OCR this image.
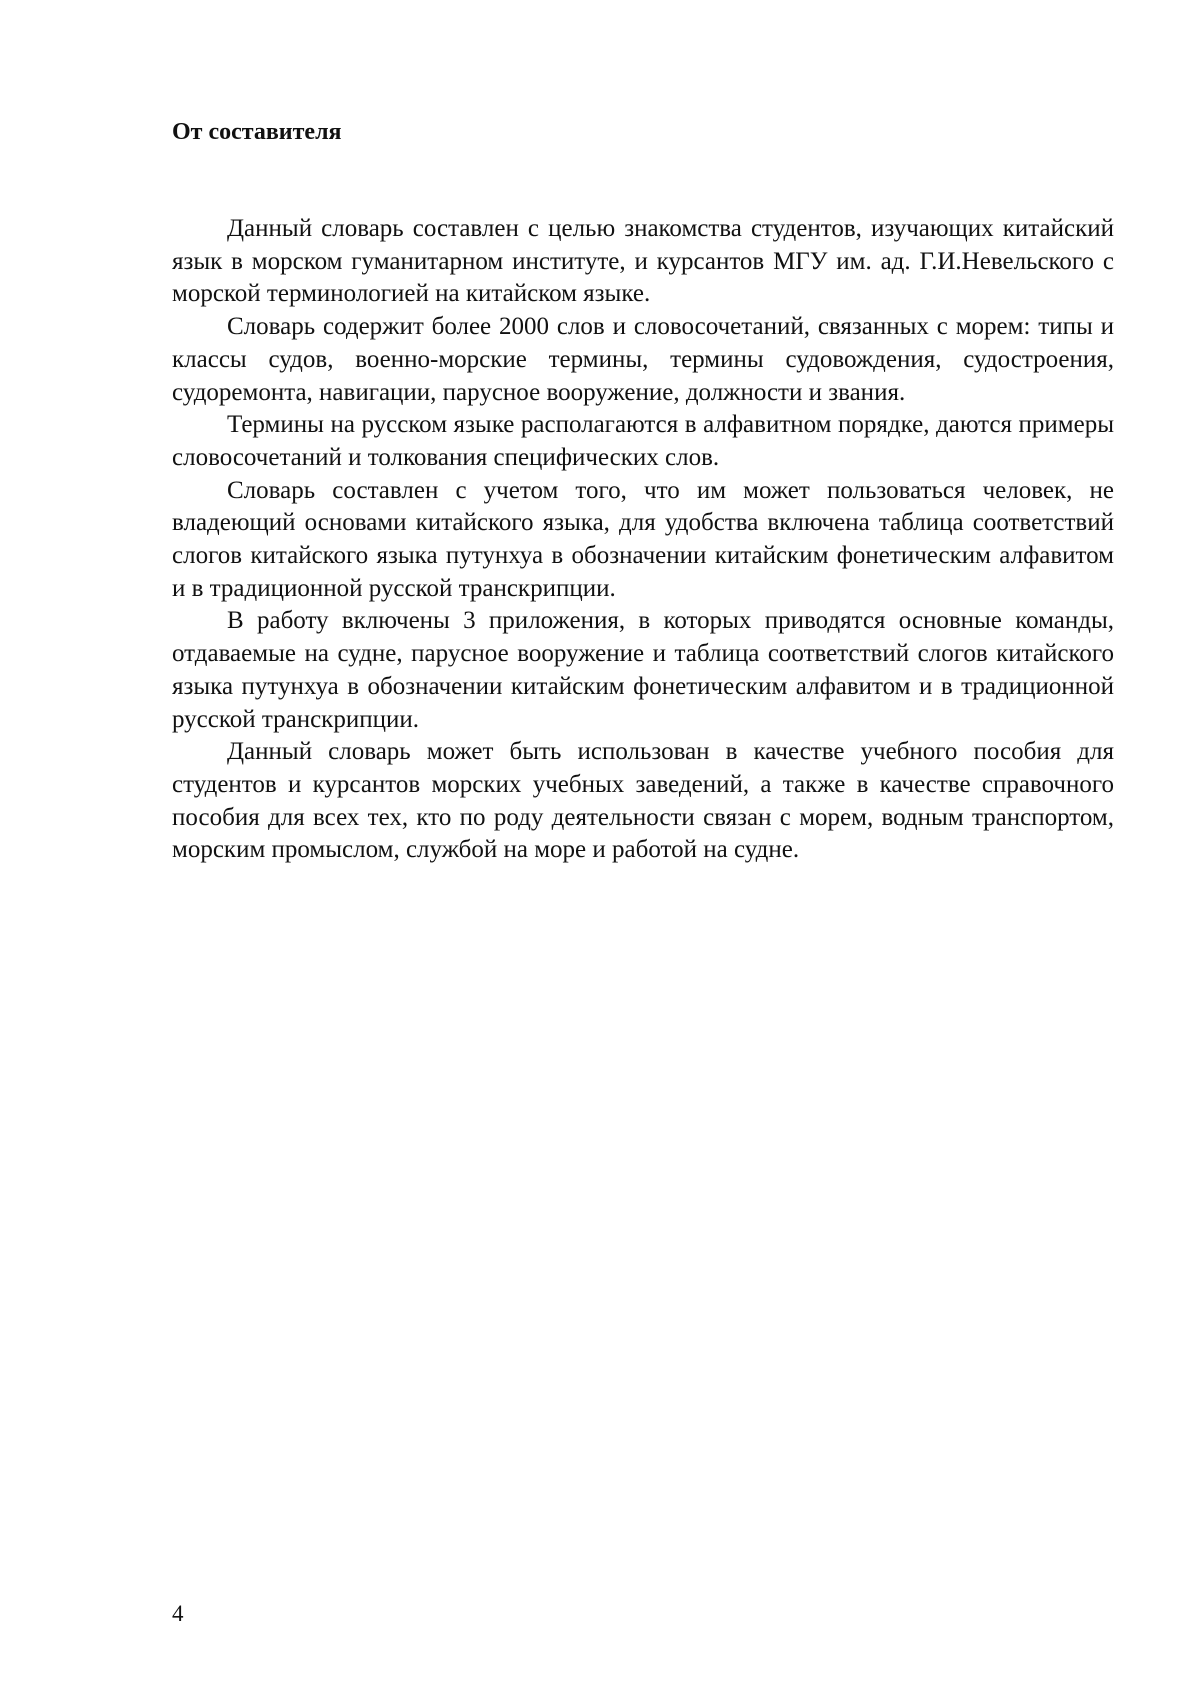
От составителя

Данный словарь составлен с целью знакомства студентов, изучающих китайский язык в морском гуманитарном институте, и курсантов МГУ им. ад. Г.И.Невельского с морской терминологией на китайском языке.

Словарь содержит более 2000 слов и словосочетаний, связанных с морем: типы и классы судов, военно-морские термины, термины судовождения, судостроения, судоремонта, навигации, парусное вооружение, должности и звания.

Термины на русском языке располагаются в алфавитном порядке, даются примеры словосочетаний и толкования специфических слов.

Словарь составлен с учетом того, что им может пользоваться человек, не владеющий основами китайского языка, для удобства включена таблица соответствий слогов китайского языка путунхуа в обозначении китайским фонетическим алфавитом и в традиционной русской транскрипции.

В работу включены 3 приложения, в которых приводятся основные команды, отдаваемые на судне, парусное вооружение и таблица соответствий слогов китайского языка путунхуа в обозначении китайским фонетическим алфавитом и в традиционной русской транскрипции.

Данный словарь может быть использован в качестве учебного пособия для студентов и курсантов морских учебных заведений, а также в качестве справочного пособия для всех тех, кто по роду деятельности связан с морем, водным транспортом, морским промыслом, службой на море и работой на судне.

4
